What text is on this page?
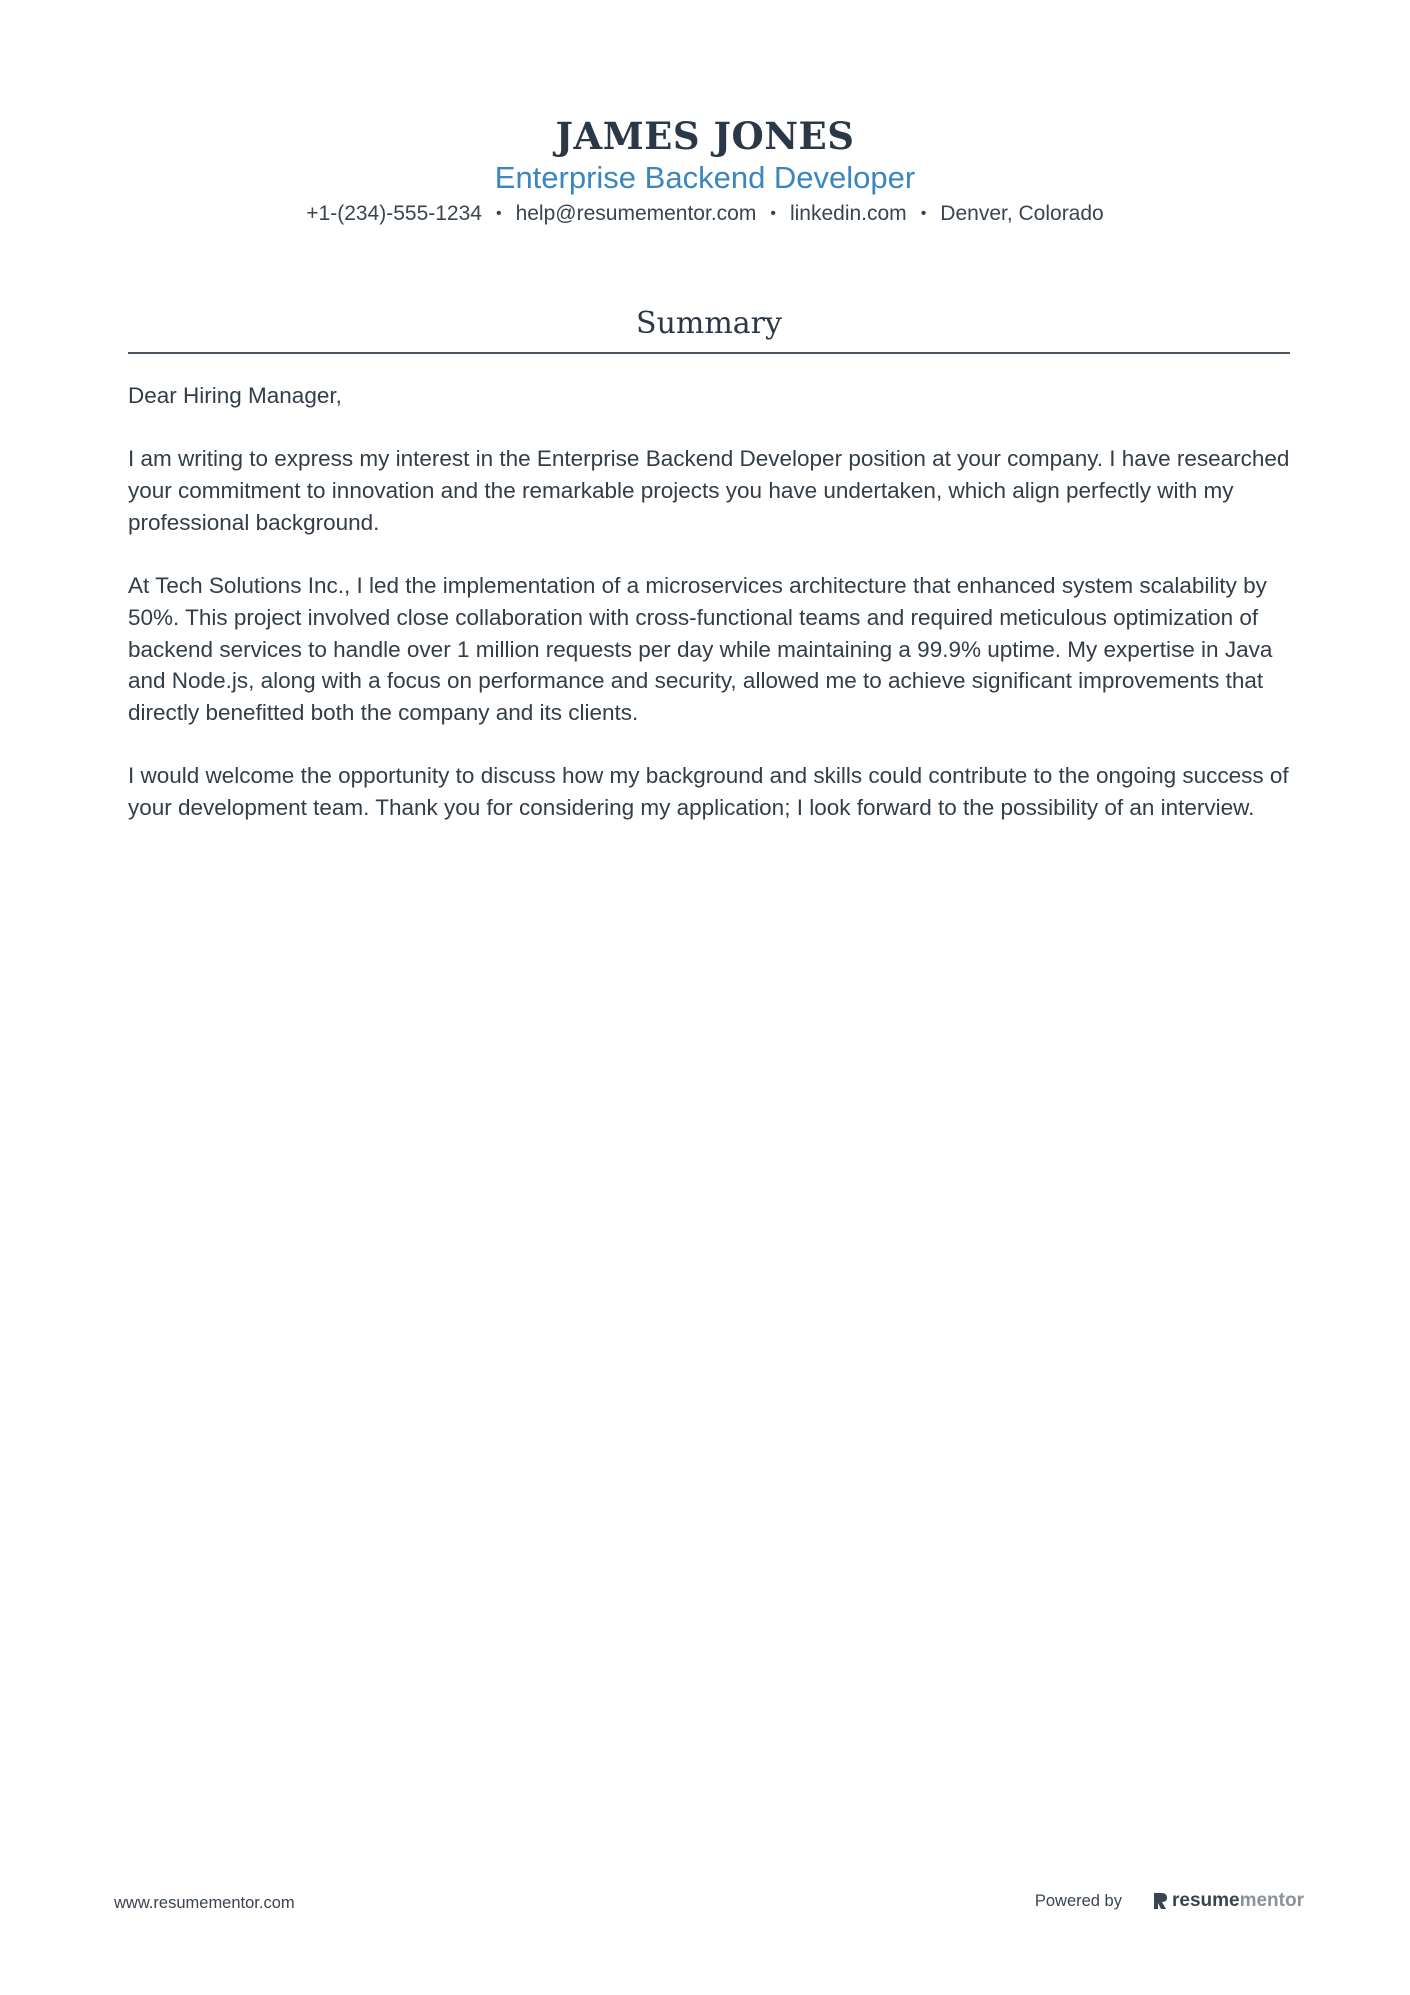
JAMES JONES
Enterprise Backend Developer
+1-(234)-555-1234 • help@resumementor.com • linkedin.com • Denver, Colorado
Summary

Dear Hiring Manager,

I am writing to express my interest in the Enterprise Backend Developer position at your company. I have researched your commitment to innovation and the remarkable projects you have undertaken, which align perfectly with my professional background.

At Tech Solutions Inc., I led the implementation of a microservices architecture that enhanced system scalability by 50%. This project involved close collaboration with cross-functional teams and required meticulous optimization of backend services to handle over 1 million requests per day while maintaining a 99.9% uptime. My expertise in Java and Node.js, along with a focus on performance and security, allowed me to achieve significant improvements that directly benefitted both the company and its clients.

I would welcome the opportunity to discuss how my background and skills could contribute to the ongoing success of your development team. Thank you for considering my application; I look forward to the possibility of an interview.

www.resumementor.com	Powered by	resume mentor
